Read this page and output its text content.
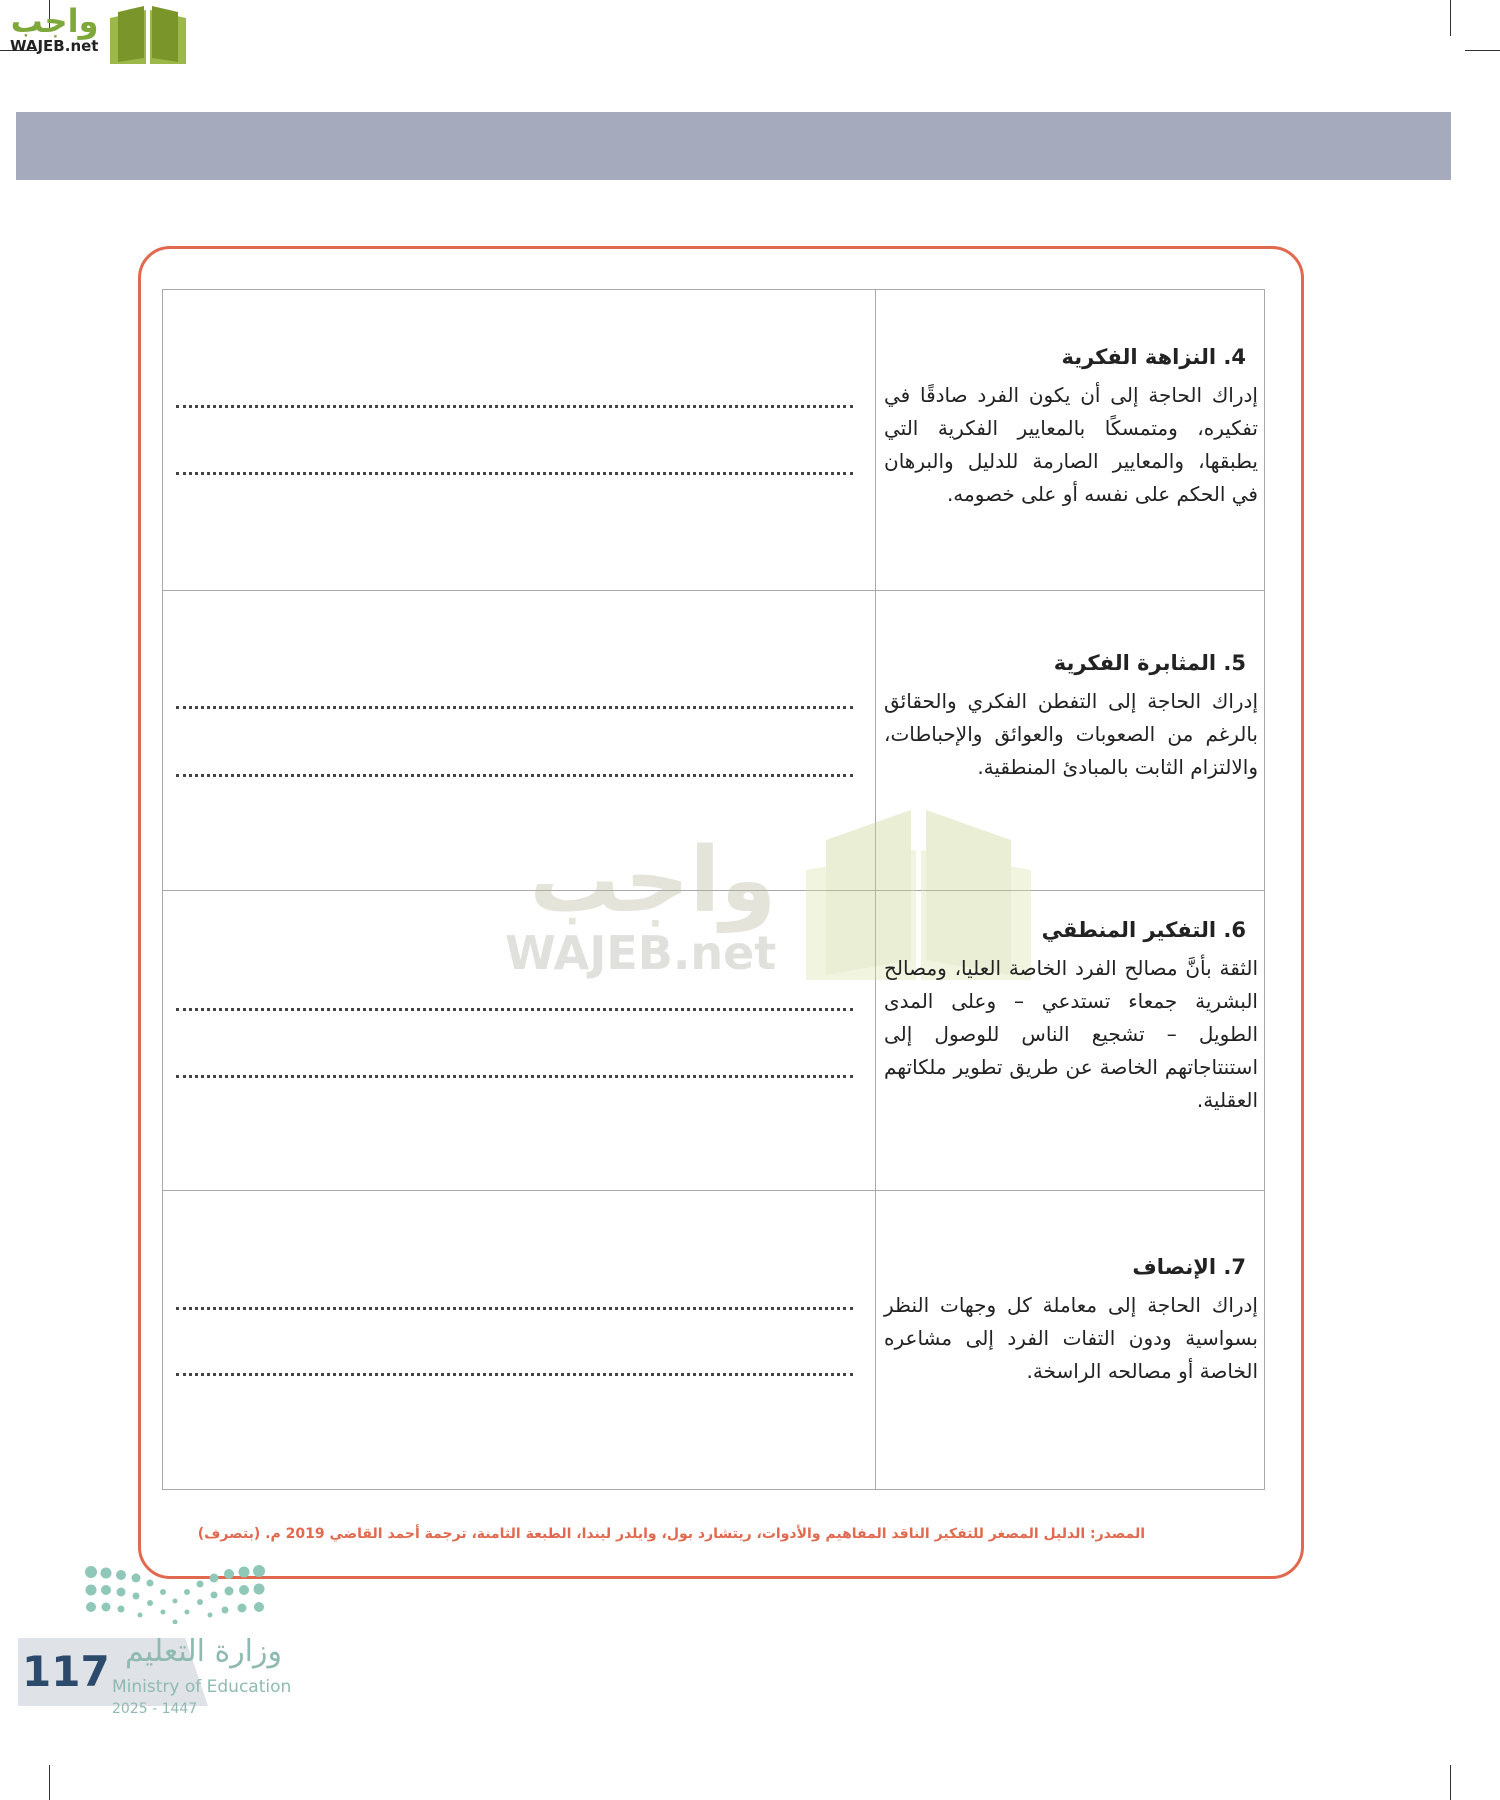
واجب
WAJEB.net
واجب
WAJEB.net
4. النزاهة الفكرية

إدراك الحاجة إلى أن يكون الفرد صادقًا في تفكيره، ومتمسكًا بالمعايير الفكرية التي يطبقها، والمعايير الصارمة للدليل والبرهان في الحكم على نفسه أو على خصومه.

5. المثابرة الفكرية

إدراك الحاجة إلى التفطن الفكري والحقائق بالرغم من الصعوبات والعوائق والإحباطات، والالتزام الثابت بالمبادئ المنطقية.

6. التفكير المنطقي

الثقة بأنَّ مصالح الفرد الخاصة العليا، ومصالح البشرية جمعاء تستدعي – وعلى المدى الطويل – تشجيع الناس للوصول إلى استنتاجاتهم الخاصة عن طريق تطوير ملكاتهم العقلية.

7. الإنصاف

إدراك الحاجة إلى معاملة كل وجهات النظر بسواسية ودون التفات الفرد إلى مشاعره الخاصة أو مصالحه الراسخة.

المصدر: الدليل المصغر للتفكير الناقد المفاهيم والأدوات، ريتشارد بول، وايلدر ليندا، الطبعة الثامنة، ترجمة أحمد القاضي 2019 م. (بتصرف)
117 وزارة التعليم
Ministry of Education
2025 - 1447
